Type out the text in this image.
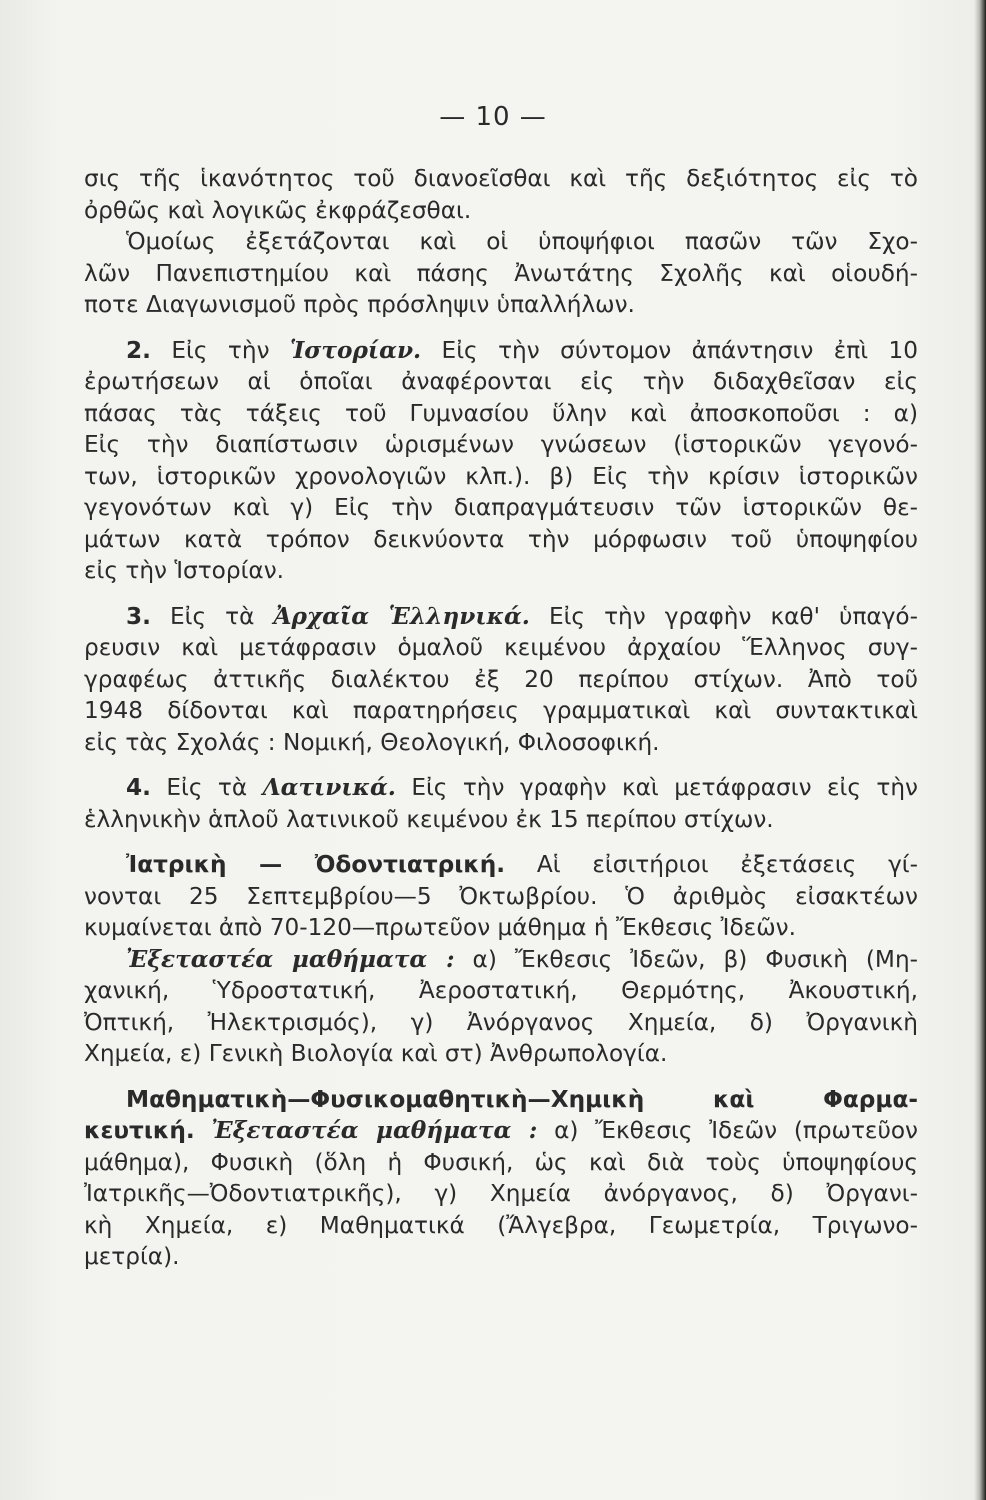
— 10 —

σις τῆς ἱκανότητος τοῦ διανοεῖσθαι καὶ τῆς δεξιότητος εἰς τὸ
ὀρθῶς καὶ λογικῶς ἐκφράζεσθαι.

Ὁμοίως ἐξετάζονται καὶ οἱ ὑποψήφιοι πασῶν τῶν Σχο-
λῶν Πανεπιστημίου καὶ πάσης Ἀνωτάτης Σχολῆς καὶ οἱουδή-
ποτε Διαγωνισμοῦ πρὸς πρόσληψιν ὑπαλλήλων.

2. Εἰς τὴν Ἱστορίαν. Εἰς τὴν σύντομον ἀπάντησιν ἐπὶ 10
ἐρωτήσεων αἱ ὁποῖαι ἀναφέρονται εἰς τὴν διδαχθεῖσαν εἰς
πάσας τὰς τάξεις τοῦ Γυμνασίου ὕλην καὶ ἀποσκοποῦσι : α)
Εἰς τὴν διαπίστωσιν ὡρισμένων γνώσεων (ἱστορικῶν γεγονό-
των, ἱστορικῶν χρονολογιῶν κλπ.). β) Εἰς τὴν κρίσιν ἱστορικῶν
γεγονότων καὶ γ) Εἰς τὴν διαπραγμάτευσιν τῶν ἱστορικῶν θε-
μάτων κατὰ τρόπον δεικνύοντα τὴν μόρφωσιν τοῦ ὑποψηφίου
εἰς τὴν Ἱστορίαν.

3. Εἰς τὰ Ἀρχαῖα Ἑλληνικά. Εἰς τὴν γραφὴν καθ' ὑπαγό-
ρευσιν καὶ μετάφρασιν ὁμαλοῦ κειμένου ἀρχαίου Ἕλληνος συγ-
γραφέως ἀττικῆς διαλέκτου ἐξ 20 περίπου στίχων. Ἀπὸ τοῦ
1948 δίδονται καὶ παρατηρήσεις γραμματικαὶ καὶ συντακτικαὶ
εἰς τὰς Σχολάς : Νομική, Θεολογική, Φιλοσοφική.

4. Εἰς τὰ Λατινικά. Εἰς τὴν γραφὴν καὶ μετάφρασιν εἰς τὴν
ἑλληνικὴν ἁπλοῦ λατινικοῦ κειμένου ἐκ 15 περίπου στίχων.

Ἰατρικὴ — Ὀδοντιατρική. Αἱ εἰσιτήριοι ἐξετάσεις γί-
νονται 25 Σεπτεμβρίου—5 Ὀκτωβρίου. Ὁ ἀριθμὸς εἰσακτέων
κυμαίνεται ἀπὸ 70-120—πρωτεῦον μάθημα ἡ Ἔκθεσις Ἰδεῶν.

Ἐξεταστέα μαθήματα : α) Ἔκθεσις Ἰδεῶν, β) Φυσικὴ (Μη-
χανική, Ὑδροστατική, Ἀεροστατική, Θερμότης, Ἀκουστική,
Ὀπτική, Ἠλεκτρισμός), γ) Ἀνόργανος Χημεία, δ) Ὀργανικὴ
Χημεία, ε) Γενικὴ Βιολογία καὶ στ) Ἀνθρωπολογία.

Μαθηματικὴ—Φυσικομαθητικὴ—Χημικὴ καὶ Φαρμα-
κευτική. Ἐξεταστέα μαθήματα : α) Ἔκθεσις Ἰδεῶν (πρωτεῦον
μάθημα), Φυσικὴ (ὅλη ἡ Φυσική, ὡς καὶ διὰ τοὺς ὑποψηφίους
Ἰατρικῆς—Ὀδοντιατρικῆς), γ) Χημεία ἀνόργανος, δ) Ὀργανι-
κὴ Χημεία, ε) Μαθηματικά (Ἄλγεβρα, Γεωμετρία, Τριγωνο-
μετρία).
